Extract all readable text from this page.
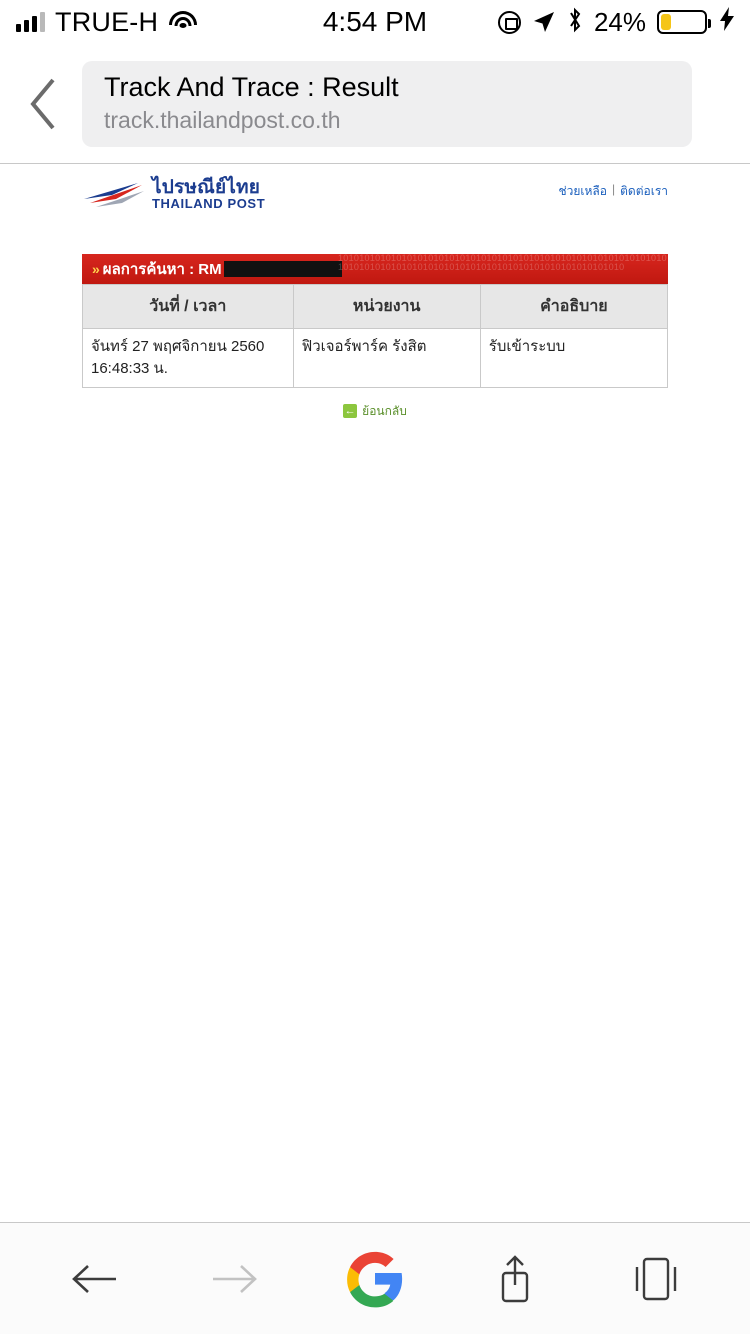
TRUE-H	4:54 PM	24%
Track And Trace : Result
track.thailandpost.co.th
ไปรษณีย์ไทย
THAILAND POST
ช่วยเหลือ | ติดต่อเรา
» ผลการค้นหา : RM
10101010101010101010101010101010101010101010101010101010101010101010101010101010101010101010101010101010101010101010
วันที่ / เวลา	หน่วยงาน	คำอธิบาย

จันทร์ 27 พฤศจิกายน 2560
16:48:33 น.	ฟิวเจอร์พาร์ค รังสิต	รับเข้าระบบ
← ย้อนกลับ
